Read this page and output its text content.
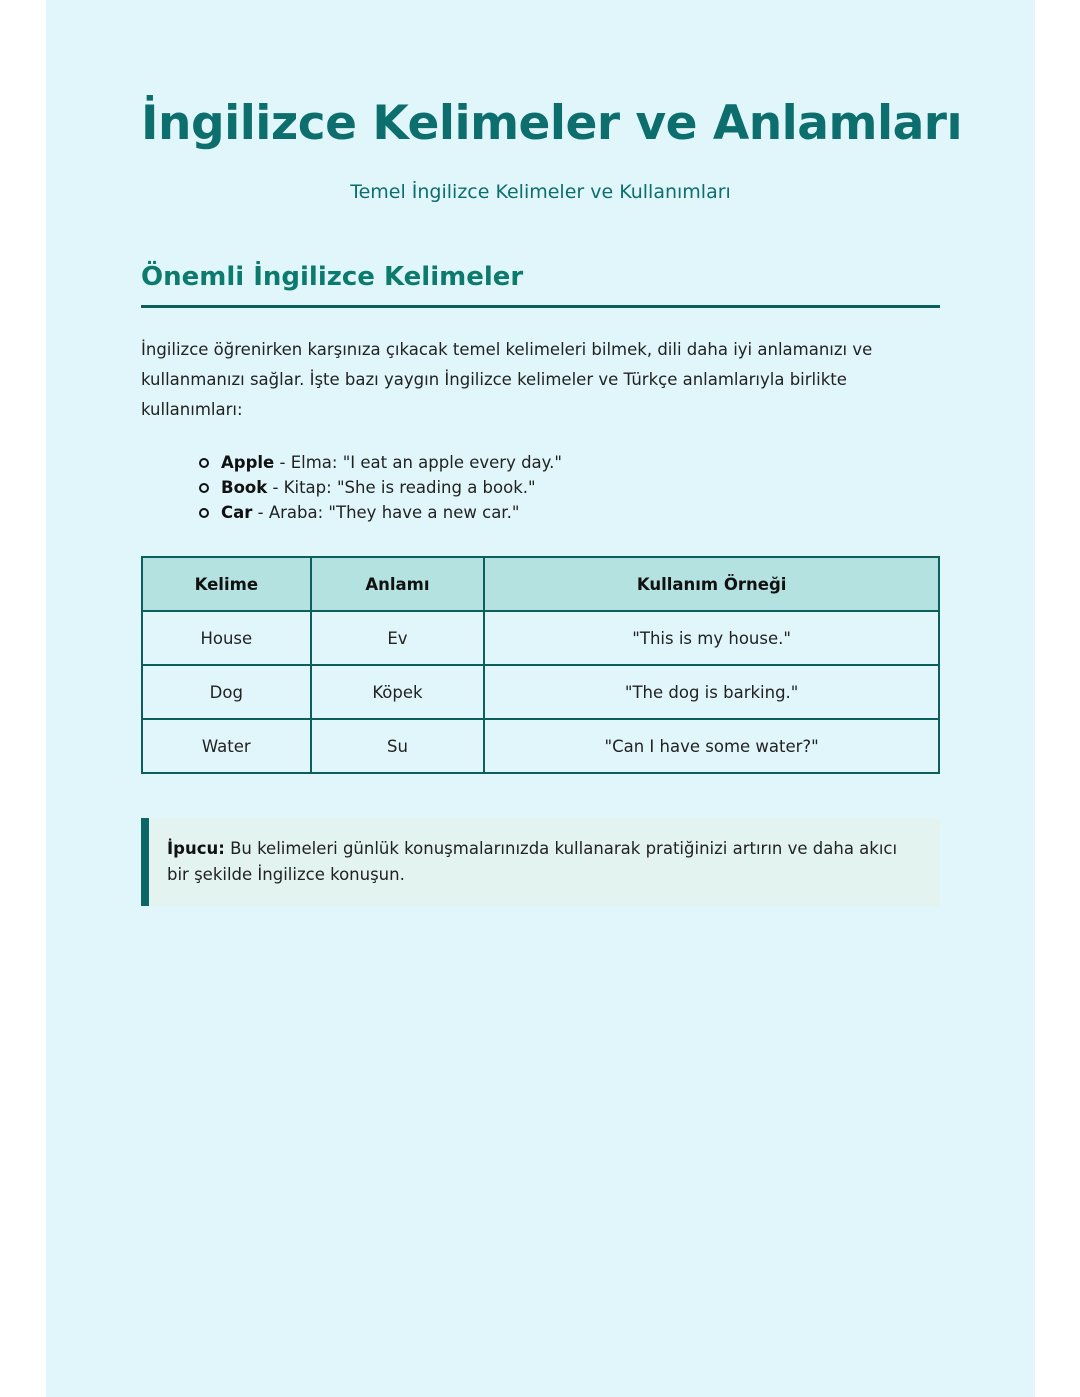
İngilizce Kelimeler ve Anlamları
Temel İngilizce Kelimeler ve Kullanımları
Önemli İngilizce Kelimeler

İngilizce öğrenirken karşınıza çıkacak temel kelimeleri bilmek, dili daha iyi anlamanızı ve kullanmanızı sağlar. İşte bazı yaygın İngilizce kelimeler ve Türkçe anlamlarıyla birlikte kullanımları:

Apple - Elma: "I eat an apple every day."
Book - Kitap: "She is reading a book."
Car - Araba: "They have a new car."
Kelime	Anlamı	Kullanım Örneği
House	Ev	"This is my house."
Dog	Köpek	"The dog is barking."
Water	Su	"Can I have some water?"
İpucu: Bu kelimeleri günlük konuşmalarınızda kullanarak pratiğinizi artırın ve daha akıcı bir şekilde İngilizce konuşun.
